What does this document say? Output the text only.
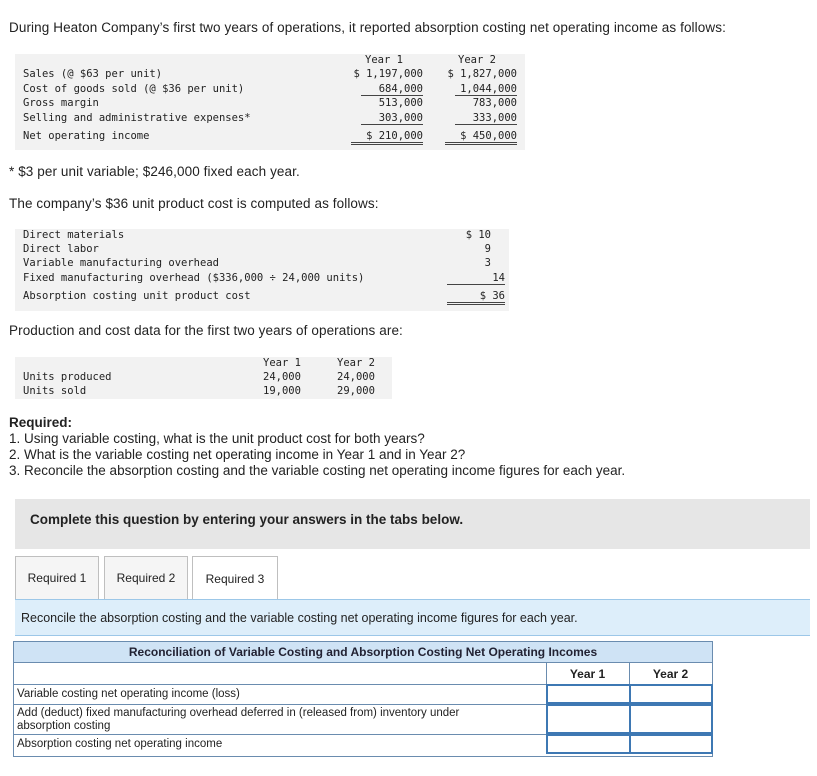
During Heaton Company’s first two years of operations, it reported absorption costing net operating income as follows:
Year 1	Year 2
Sales (@ $63 per unit)	$ 1,197,000	$ 1,827,000
Cost of goods sold (@ $36 per unit)	684,000	1,044,000
Gross margin	513,000	783,000
Selling and administrative expenses*	303,000	333,000
Net operating income	$ 210,000	$ 450,000
* $3 per unit variable; $246,000 fixed each year.
The company’s $36 unit product cost is computed as follows:
Direct materials	$ 10
Direct labor	9
Variable manufacturing overhead	3
Fixed manufacturing overhead ($336,000 ÷ 24,000 units)	14
Absorption costing unit product cost	$ 36
Production and cost data for the first two years of operations are:
Year 1	Year 2
Units produced	24,000	24,000
Units sold	19,000	29,000
Required:
1. Using variable costing, what is the unit product cost for both years?
2. What is the variable costing net operating income in Year 1 and in Year 2?
3. Reconcile the absorption costing and the variable costing net operating income figures for each year.
Complete this question by entering your answers in the tabs below.
Required 1	Required 2	Required 3
Reconcile the absorption costing and the variable costing net operating income figures for each year.
Reconciliation of Variable Costing and Absorption Costing Net Operating Incomes
Year 1	Year 2
Variable costing net operating income (loss)
Add (deduct) fixed manufacturing overhead deferred in (released from) inventory under absorption costing
Absorption costing net operating income
